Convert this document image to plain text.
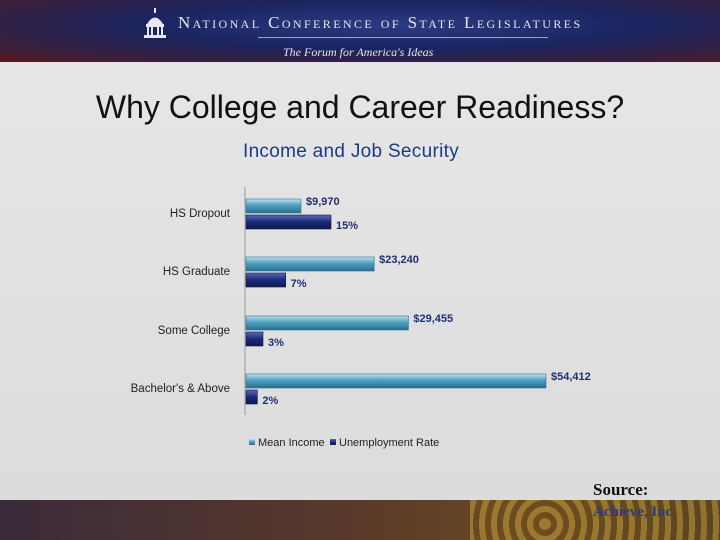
National Conference of State Legislatures
The Forum for America's Ideas
Why College and Career Readiness?
Income and Job Security
HS Dropout
$9,970
15%
HS Graduate
$23,240
7%
Some College
$29,455
3%
Bachelor's & Above
$54,412
2%
Mean Income Unemployment Rate
Source:
Achieve, Inc.
